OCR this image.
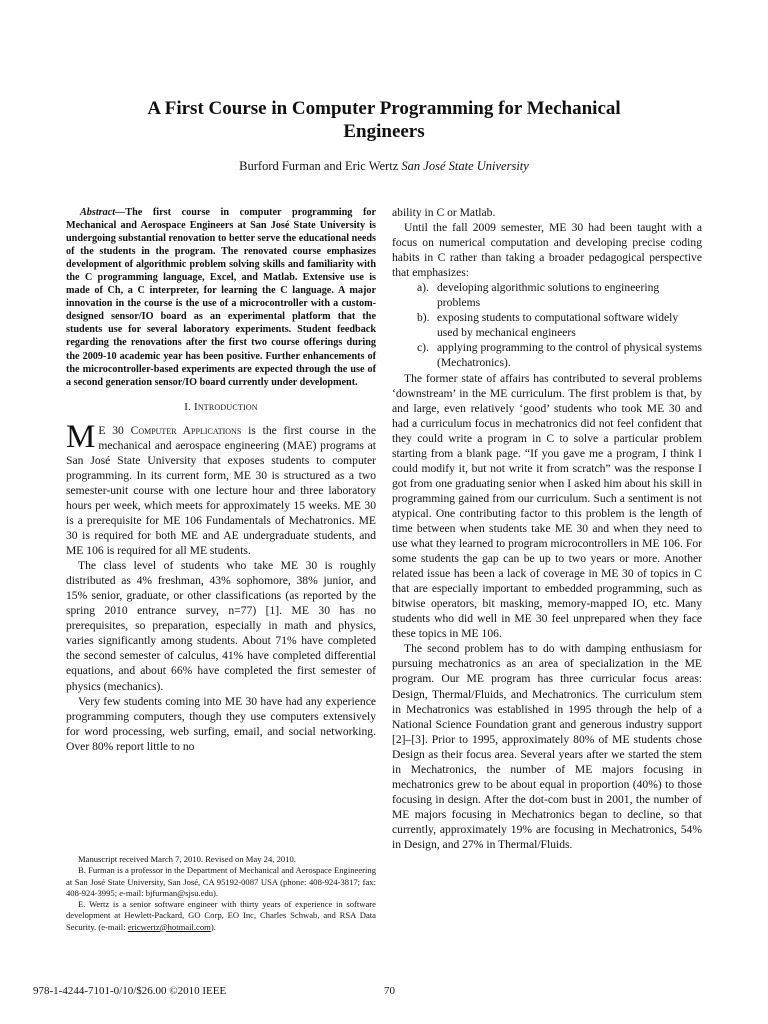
A First Course in Computer Programming for Mechanical
Engineers
Burford Furman and Eric Wertz San José State University

Abstract—The first course in computer programming for Mechanical and Aerospace Engineers at San José State University is undergoing substantial renovation to better serve the educational needs of the students in the program. The renovated course emphasizes development of algorithmic problem solving skills and familiarity with the C programming language, Excel, and Matlab. Extensive use is made of Ch, a C interpreter, for learning the C language. A major innovation in the course is the use of a microcontroller with a custom-designed sensor/IO board as an experimental platform that the students use for several laboratory experiments. Student feedback regarding the renovations after the first two course offerings during the 2009-10 academic year has been positive. Further enhancements of the microcontroller-based experiments are expected through the use of a second generation sensor/IO board currently under development.

I. Introduction

M E 30 Computer Applications is the first course in the mechanical and aerospace engineering (MAE) programs at San José State University that exposes students to computer programming. In its current form, ME 30 is structured as a two semester-unit course with one lecture hour and three laboratory hours per week, which meets for approximately 15 weeks. ME 30 is a prerequisite for ME 106 Fundamentals of Mechatronics. ME 30 is required for both ME and AE undergraduate students, and ME 106 is required for all ME students.

The class level of students who take ME 30 is roughly distributed as 4% freshman, 43% sophomore, 38% junior, and 15% senior, graduate, or other classifications (as reported by the spring 2010 entrance survey, n=77) [1]. ME 30 has no prerequisites, so preparation, especially in math and physics, varies significantly among students. About 71% have completed the second semester of calculus, 41% have completed differential equations, and about 66% have completed the first semester of physics (mechanics).

Very few students coming into ME 30 have had any experience programming computers, though they use computers extensively for word processing, web surfing, email, and social networking. Over 80% report little to no

Manuscript received March 7, 2010. Revised on May 24, 2010.

B. Furman is a professor in the Department of Mechanical and Aerospace Engineering at San José State University, San José, CA 95192-0087 USA (phone: 408-924-3817; fax: 408-924-3995; e-mail: bjfurman@sjsu.edu).

E. Wertz is a senior software engineer with thirty years of experience in software development at Hewlett-Packard, GO Corp, EO Inc, Charles Schwab, and RSA Data Security. (e-mail: ericwertz@hotmail.com).

ability in C or Matlab.

Until the fall 2009 semester, ME 30 had been taught with a focus on numerical computation and developing precise coding habits in C rather than taking a broader pedagogical perspective that emphasizes:

a). developing algorithmic solutions to engineering problems
b). exposing students to computational software widely used by mechanical engineers
c). applying programming to the control of physical systems (Mechatronics).

The former state of affairs has contributed to several problems ‘downstream’ in the ME curriculum. The first problem is that, by and large, even relatively ‘good’ students who took ME 30 and had a curriculum focus in mechatronics did not feel confident that they could write a program in C to solve a particular problem starting from a blank page. “If you gave me a program, I think I could modify it, but not write it from scratch” was the response I got from one graduating senior when I asked him about his skill in programming gained from our curriculum. Such a sentiment is not atypical. One contributing factor to this problem is the length of time between when students take ME 30 and when they need to use what they learned to program microcontrollers in ME 106. For some students the gap can be up to two years or more. Another related issue has been a lack of coverage in ME 30 of topics in C that are especially important to embedded programming, such as bitwise operators, bit masking, memory-mapped IO, etc. Many students who did well in ME 30 feel unprepared when they face these topics in ME 106.

The second problem has to do with damping enthusiasm for pursuing mechatronics as an area of specialization in the ME program. Our ME program has three curricular focus areas: Design, Thermal/Fluids, and Mechatronics. The curriculum stem in Mechatronics was established in 1995 through the help of a National Science Foundation grant and generous industry support [2]–[3]. Prior to 1995, approximately 80% of ME students chose Design as their focus area. Several years after we started the stem in Mechatronics, the number of ME majors focusing in mechatronics grew to be about equal in proportion (40%) to those focusing in design. After the dot-com bust in 2001, the number of ME majors focusing in Mechatronics began to decline, so that currently, approximately 19% are focusing in Mechatronics, 54% in Design, and 27% in Thermal/Fluids.

978-1-4244-7101-0/10/$26.00 ©2010 IEEE	70
